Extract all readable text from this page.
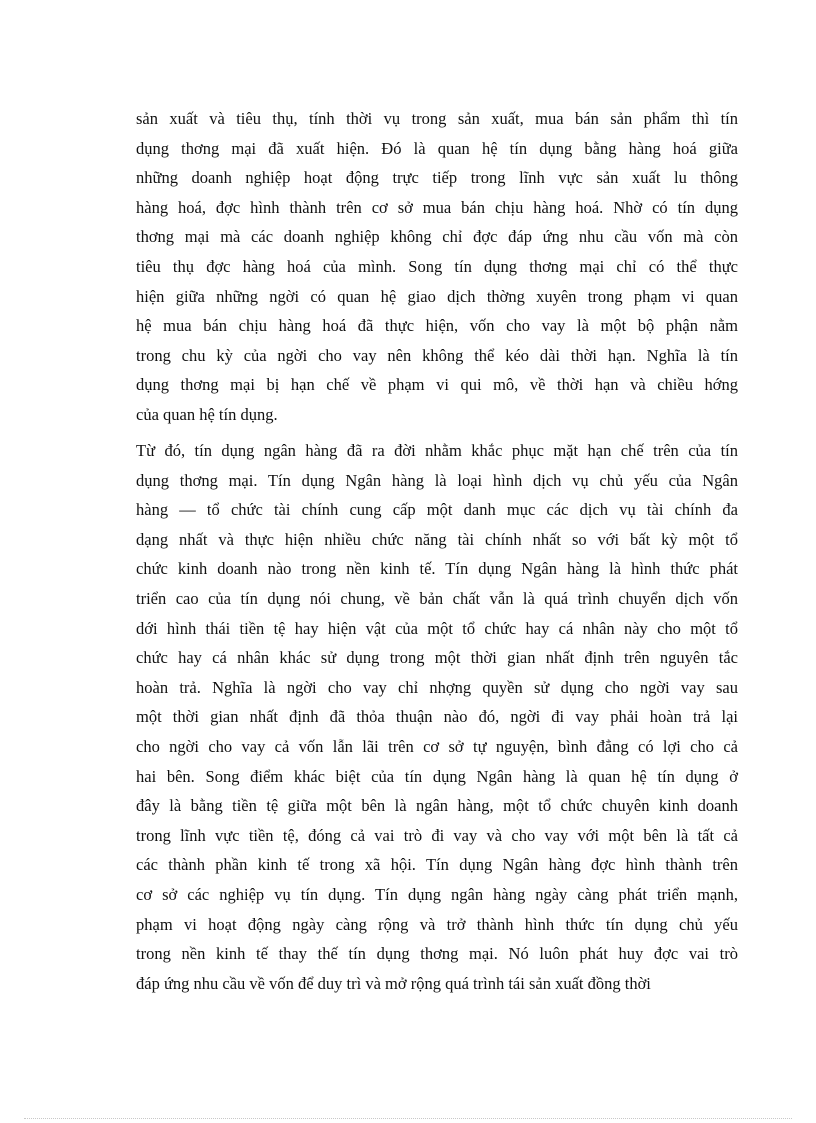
sản xuất và tiêu thụ, tính thời vụ trong sản xuất, mua bán sản phẩm thì tín
dụng thơng mại đã xuất hiện. Đó là quan hệ tín dụng bằng hàng hoá giữa
những doanh nghiệp hoạt động trực tiếp trong lĩnh vực sản xuất lu thông
hàng hoá, đợc hình thành trên cơ sở mua bán chịu hàng hoá. Nhờ có tín dụng
thơng mại mà các doanh nghiệp không chỉ đợc đáp ứng nhu cầu vốn mà còn
tiêu thụ đợc hàng hoá của mình. Song tín dụng thơng mại chỉ có thể thực
hiện giữa những ngời có quan hệ giao dịch thờng xuyên trong phạm vi quan
hệ mua bán chịu hàng hoá đã thực hiện, vốn cho vay là một bộ phận nằm
trong chu kỳ của ngời cho vay nên không thể kéo dài thời hạn. Nghĩa là tín
dụng thơng mại bị hạn chế về phạm vi qui mô, về thời hạn và chiều hớng
của quan hệ tín dụng.
Từ đó, tín dụng ngân hàng đã ra đời nhằm khắc phục mặt hạn chế trên của tín
dụng thơng mại. Tín dụng Ngân hàng là loại hình dịch vụ chủ yếu của Ngân
hàng — tổ chức tài chính cung cấp một danh mục các dịch vụ tài chính đa
dạng nhất và thực hiện nhiều chức năng tài chính nhất so với bất kỳ một tổ
chức kinh doanh nào trong nền kinh tế. Tín dụng Ngân hàng là hình thức phát
triển cao của tín dụng nói chung, về bản chất vẫn là quá trình chuyển dịch vốn
dới hình thái tiền tệ hay hiện vật của một tổ chức hay cá nhân này cho một tổ
chức hay cá nhân khác sử dụng trong một thời gian nhất định trên nguyên tắc
hoàn trả. Nghĩa là ngời cho vay chỉ nhợng quyền sử dụng cho ngời vay sau
một thời gian nhất định đã thỏa thuận nào đó, ngời đi vay phải hoàn trả lại
cho ngời cho vay cả vốn lẫn lãi trên cơ sở tự nguyện, bình đẳng có lợi cho cả
hai bên. Song điểm khác biệt của tín dụng Ngân hàng là quan hệ tín dụng ở
đây là bằng tiền tệ giữa một bên là ngân hàng, một tổ chức chuyên kinh doanh
trong lĩnh vực tiền tệ, đóng cả vai trò đi vay và cho vay với một bên là tất cả
các thành phần kinh tế trong xã hội. Tín dụng Ngân hàng đợc hình thành trên
cơ sở các nghiệp vụ tín dụng. Tín dụng ngân hàng ngày càng phát triển mạnh,
phạm vi hoạt động ngày càng rộng và trở thành hình thức tín dụng chủ yếu
trong nền kinh tế thay thế tín dụng thơng mại. Nó luôn phát huy đợc vai trò
đáp ứng nhu cầu về vốn để duy trì và mở rộng quá trình tái sản xuất đồng thời
